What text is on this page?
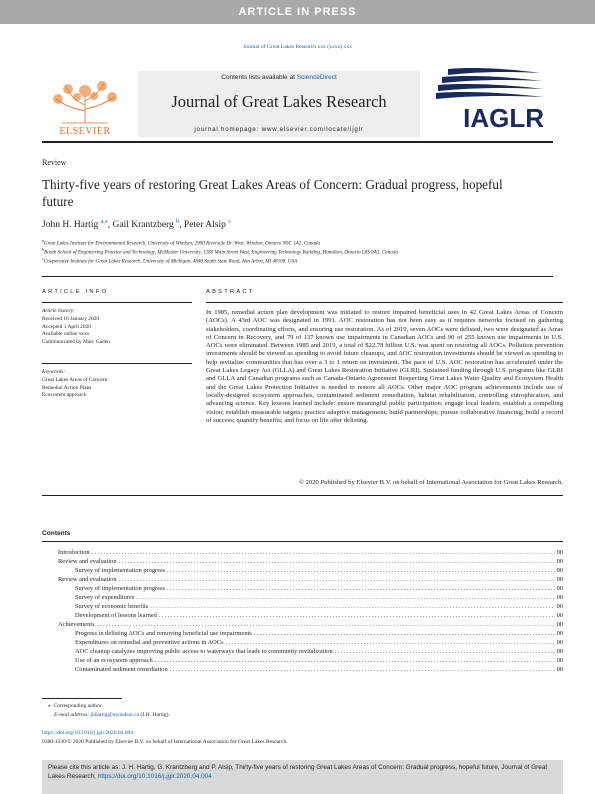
ARTICLE IN PRESS
Journal of Great Lakes Research xxx (xxxx) xxx
ELSEVIER
Contents lists available at ScienceDirect
Journal of Great Lakes Research
journal homepage: www.elsevier.com/locate/ijglr	IAGLR
Review
Thirty-five years of restoring Great Lakes Areas of Concern: Gradual progress, hopeful future
John H. Hartig $^{a,⁎}$, Gail Krantzberg $^b$, Peter Alsip $^c$
$^a$Great Lakes Institute for Environmental Research, University of Windsor, 2900 Riverside Dr. West, Windsor, Ontario N9C 1A2, Canada
$^b$Booth School of Engineering Practice and Technology, McMaster University, 1280 Main Street West, Engineering Technology Building, Hamilton, Ontario L8S 0A3, Canada
$^c$Cooperative Institute for Great Lakes Research, University of Michigan, 4840 South State Road, Ann Arbor, MI 48108, USA
ARTICLE INFO
Article history:
Received 16 January 2020
Accepted 1 April 2020
Available online xxxx
Communicated by Marc Gaden
Keywords:
Great Lakes Areas of Concern
Remedial Action Plans
Ecosystem approach
ABSTRACT
In 1985, remedial action plan development was initiated to restore impaired beneficial uses in 42 Great Lakes Areas of Concern (AOCs). A 43rd AOC was designated in 1991. AOC restoration has not been easy as it requires networks focused on gathering stakeholders, coordinating efforts, and ensuring use restoration. As of 2019, seven AOCs were delisted, two were designated as Areas of Concern in Recovery, and 79 of 137 known use impairments in Canadian AOCs and 90 of 255 known use impairments in U.S. AOCs were eliminated. Between 1985 and 2019, a total of $22.78 billion U.S. was spent on restoring all AOCs. Pollution prevention investments should be viewed as spending to avoid future cleanups, and AOC restoration investments should be viewed as spending to help revitalize communities that has over a 3 to 1 return on investment. The pace of U.S. AOC restoration has accelerated under the Great Lakes Legacy Act (GLLA) and Great Lakes Restoration Initiative (GLRI). Sustained funding through U.S. programs like GLRI and GLLA and Canadian programs such as Canada-Ontario Agreement Respecting Great Lakes Water Quality and Ecosystem Health and the Great Lakes Protection Initiative is needed to restore all AOCs. Other major AOC program achievements include use of locally-designed ecosystem approaches, contaminated sediment remediation, habitat rehabilitation, controlling eutrophication, and advancing science. Key lessons learned include: ensure meaningful public participation; engage local leaders; establish a compelling vision; establish measurable targets; practice adaptive management; build partnerships; pursue collaborative financing; build a record of success; quantify benefits; and focus on life after delisting.
© 2020 Published by Elsevier B.V. on behalf of International Association for Great Lakes Research.
Contents
Introduction .....	00
Review and evaluation .....	00
Survey of implementation progress .....	00
Review and evaluation .....	00
Survey of implementation progress .....	00
Survey of expenditures .....	00
Survey of economic benefits .....	00
Development of lessons learned .....	00
Achievements .....	00
Progress in delisting AOCs and removing beneficial use impairments .....	00
Expenditures on remedial and preventive actions in AOCs .....	00
AOC cleanup catalyzes improving public access to waterways that leads to community revitalization .....	00
Use of an ecosystem approach .....	00
Contaminated sediment remediation .....	00
⁎  Corresponding author.
E-mail address: jhhartig@uwindsor.ca (J.H. Hartig).
https://doi.org/10.1016/j.jglr.2020.04.004
0380-1330/© 2020 Published by Elsevier B.V. on behalf of International Association for Great Lakes Research.
Please cite this article as: J. H. Hartig, G. Krantzberg and P. Alsip, Thirty-five years of restoring Great Lakes Areas of Concern: Gradual progress, hopeful future, Journal of Great Lakes Research, https://doi.org/10.1016/j.jglr.2020.04.004
